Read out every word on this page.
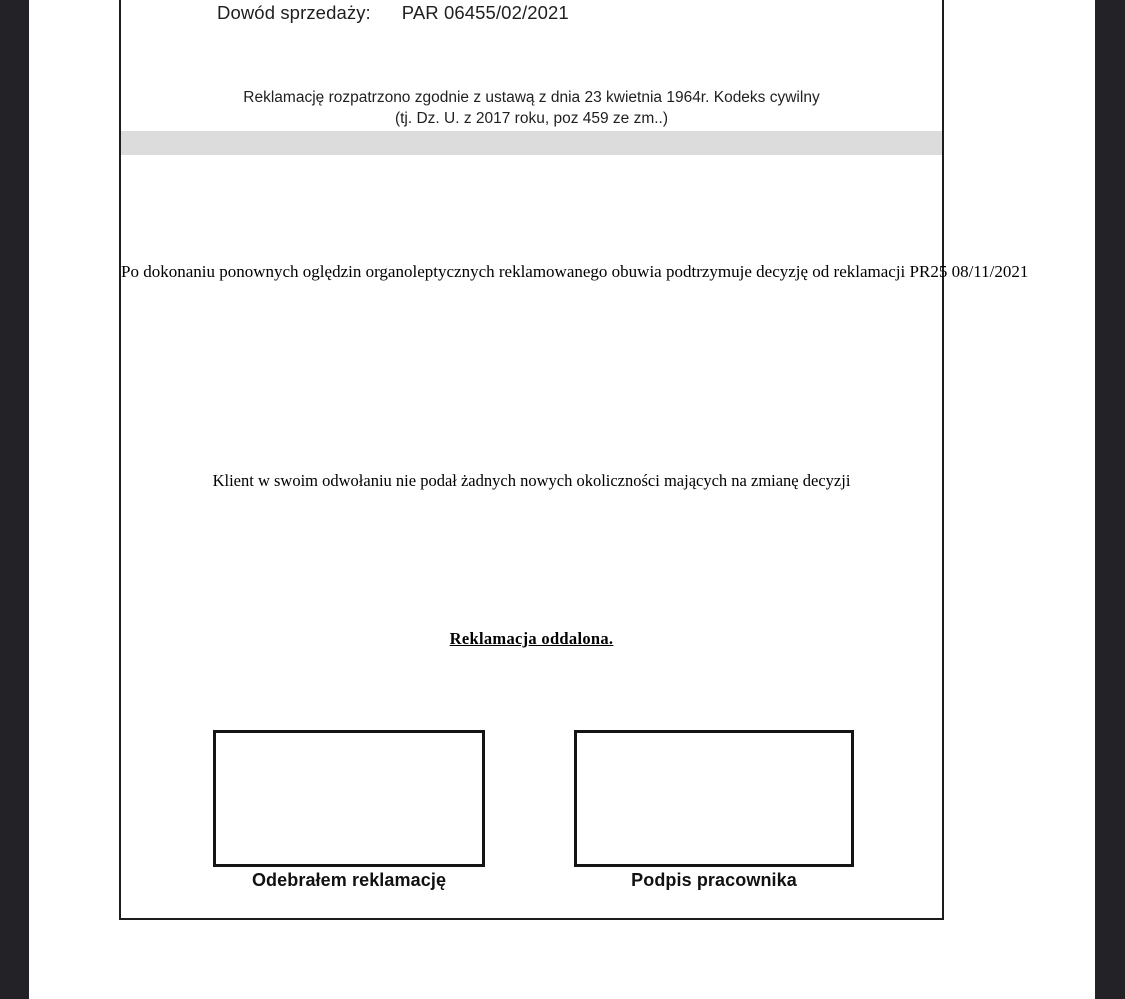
Dowód sprzedaży: PAR 06455/02/2021
Reklamację rozpatrzono zgodnie z ustawą z dnia 23 kwietnia 1964r. Kodeks cywilny
(tj. Dz. U. z 2017 roku, poz 459 ze zm..)
Po dokonaniu ponownych oględzin organoleptycznych reklamowanego obuwia podtrzymuje decyzję od reklamacji PR25 08/11/2021
Klient w swoim odwołaniu nie podał żadnych nowych okoliczności mających na zmianę decyzji
Reklamacja oddalona.
Odebrałem reklamację	Podpis pracownika
